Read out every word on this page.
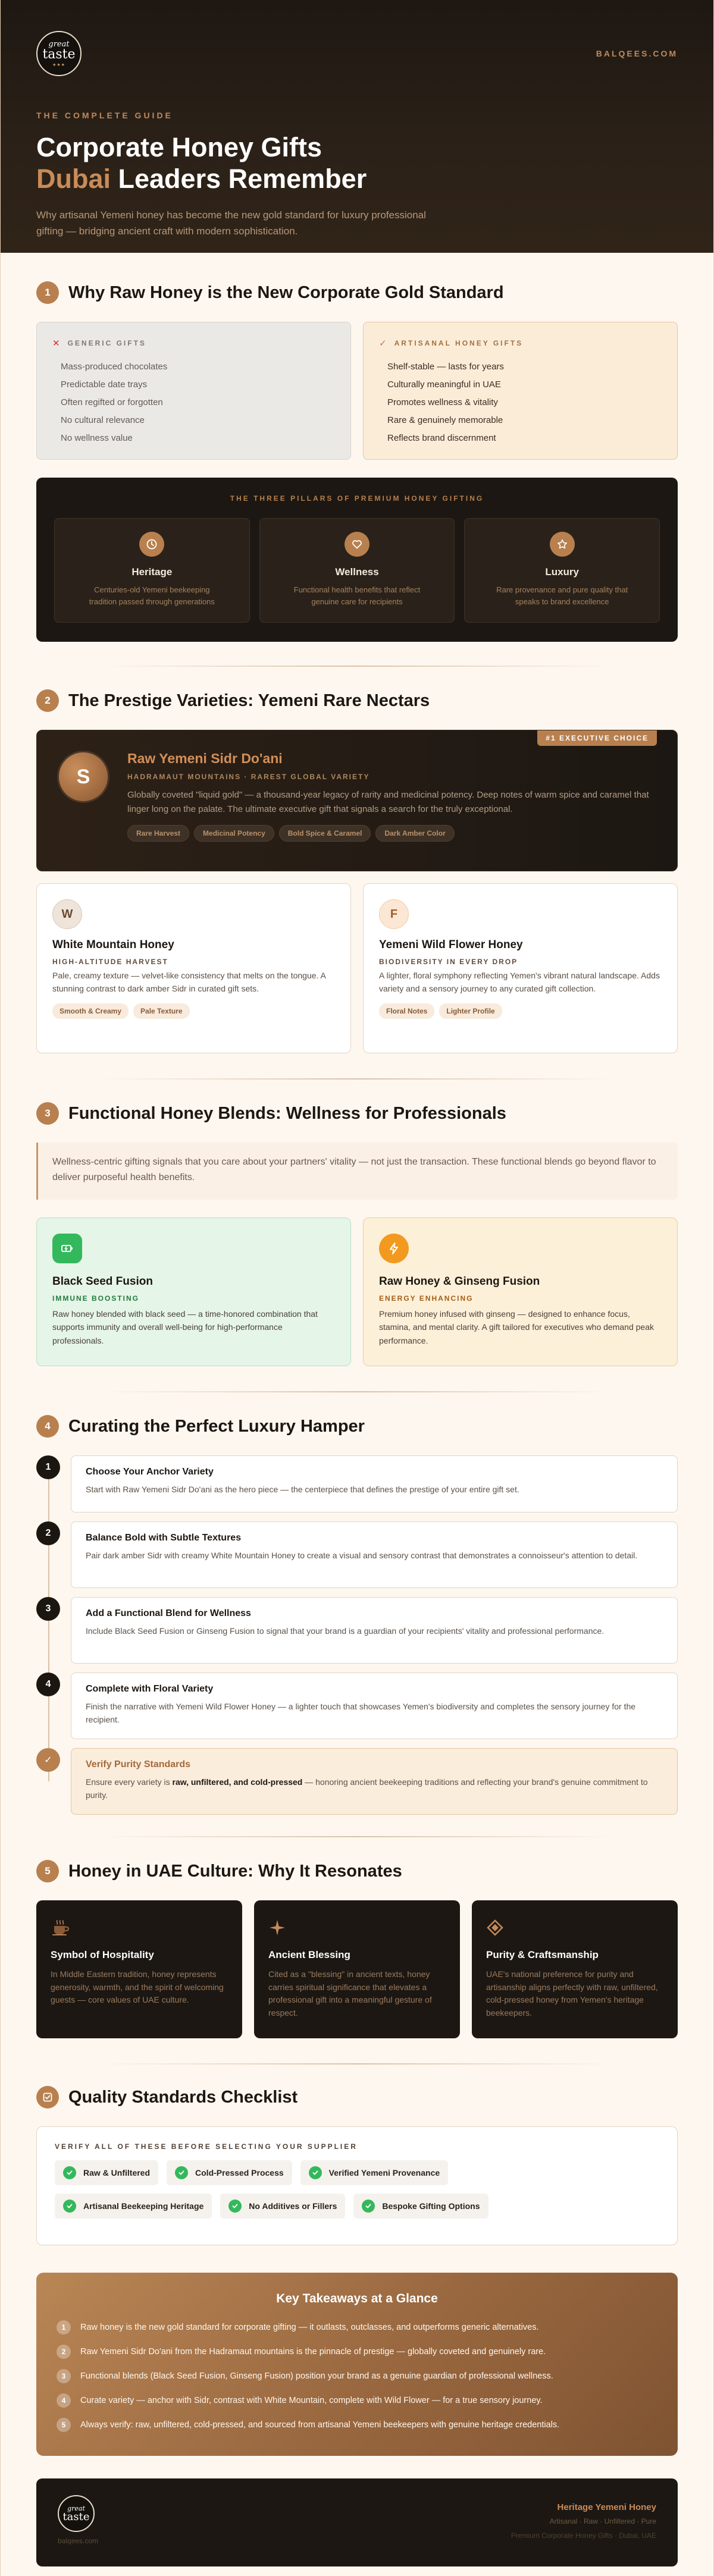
great
taste
★★★
BALQEES.COM
THE COMPLETE GUIDE
Corporate Honey Gifts
Dubai Leaders Remember

Why artisanal Yemeni honey has become the new gold standard for luxury professional gifting — bridging ancient craft with modern sophistication.

1	Why Raw Honey is the New Corporate Gold Standard
✕ GENERIC GIFTS
Mass-produced chocolates
Predictable date trays
Often regifted or forgotten
No cultural relevance
No wellness value
✓ ARTISANAL HONEY GIFTS
Shelf-stable — lasts for years
Culturally meaningful in UAE
Promotes wellness & vitality
Rare & genuinely memorable
Reflects brand discernment
THE THREE PILLARS OF PREMIUM HONEY GIFTING
Heritage
Centuries-old Yemeni beekeeping tradition passed through generations
Wellness
Functional health benefits that reflect genuine care for recipients
Luxury
Rare provenance and pure quality that speaks to brand excellence
2	The Prestige Varieties: Yemeni Rare Nectars
#1 EXECUTIVE CHOICE
S
Raw Yemeni Sidr Do'ani
HADRAMAUT MOUNTAINS · RAREST GLOBAL VARIETY

Globally coveted "liquid gold" — a thousand-year legacy of rarity and medicinal potency. Deep notes of warm spice and caramel that linger long on the palate. The ultimate executive gift that signals a search for the truly exceptional.

Rare Harvest	Medicinal Potency	Bold Spice & Caramel	Dark Amber Color
W
White Mountain Honey
HIGH-ALTITUDE HARVEST

Pale, creamy texture — velvet-like consistency that melts on the tongue. A stunning contrast to dark amber Sidr in curated gift sets.

Smooth & Creamy	Pale Texture
F
Yemeni Wild Flower Honey
BIODIVERSITY IN EVERY DROP

A lighter, floral symphony reflecting Yemen's vibrant natural landscape. Adds variety and a sensory journey to any curated gift collection.

Floral Notes	Lighter Profile
3	Functional Honey Blends: Wellness for Professionals
Wellness-centric gifting signals that you care about your partners' vitality — not just the transaction. These functional blends go beyond flavor to deliver purposeful health benefits.
Black Seed Fusion
IMMUNE BOOSTING

Raw honey blended with black seed — a time-honored combination that supports immunity and overall well-being for high-performance professionals.

Raw Honey & Ginseng Fusion
ENERGY ENHANCING

Premium honey infused with ginseng — designed to enhance focus, stamina, and mental clarity. A gift tailored for executives who demand peak performance.

4	Curating the Perfect Luxury Hamper
1	Choose Your Anchor Variety

Start with Raw Yemeni Sidr Do'ani as the hero piece — the centerpiece that defines the prestige of your entire gift set.

2	Balance Bold with Subtle Textures

Pair dark amber Sidr with creamy White Mountain Honey to create a visual and sensory contrast that demonstrates a connoisseur's attention to detail.

3	Add a Functional Blend for Wellness

Include Black Seed Fusion or Ginseng Fusion to signal that your brand is a guardian of your recipients' vitality and professional performance.

4	Complete with Floral Variety

Finish the narrative with Yemeni Wild Flower Honey — a lighter touch that showcases Yemen's biodiversity and completes the sensory journey for the recipient.

✓	Verify Purity Standards

Ensure every variety is raw, unfiltered, and cold-pressed — honoring ancient beekeeping traditions and reflecting your brand's genuine commitment to purity.

5	Honey in UAE Culture: Why It Resonates
Symbol of Hospitality

In Middle Eastern tradition, honey represents generosity, warmth, and the spirit of welcoming guests — core values of UAE culture.

Ancient Blessing

Cited as a "blessing" in ancient texts, honey carries spiritual significance that elevates a professional gift into a meaningful gesture of respect.

Purity & Craftsmanship

UAE's national preference for purity and artisanship aligns perfectly with raw, unfiltered, cold-pressed honey from Yemen's heritage beekeepers.

Quality Standards Checklist
VERIFY ALL OF THESE BEFORE SELECTING YOUR SUPPLIER
Raw & Unfiltered	Cold-Pressed Process	Verified Yemeni Provenance
Artisanal Beekeeping Heritage	No Additives or Fillers	Bespoke Gifting Options
Key Takeaways at a Glance
1	Raw honey is the new gold standard for corporate gifting — it outlasts, outclasses, and outperforms generic alternatives.
2	Raw Yemeni Sidr Do'ani from the Hadramaut mountains is the pinnacle of prestige — globally coveted and genuinely rare.
3	Functional blends (Black Seed Fusion, Ginseng Fusion) position your brand as a genuine guardian of professional wellness.
4	Curate variety — anchor with Sidr, contrast with White Mountain, complete with Wild Flower — for a true sensory journey.
5	Always verify: raw, unfiltered, cold-pressed, and sourced from artisanal Yemeni beekeepers with genuine heritage credentials.
great
taste
balqees.com
Heritage Yemeni Honey
Artisanal · Raw · Unfiltered · Pure
Premium Corporate Honey Gifts · Dubai, UAE
